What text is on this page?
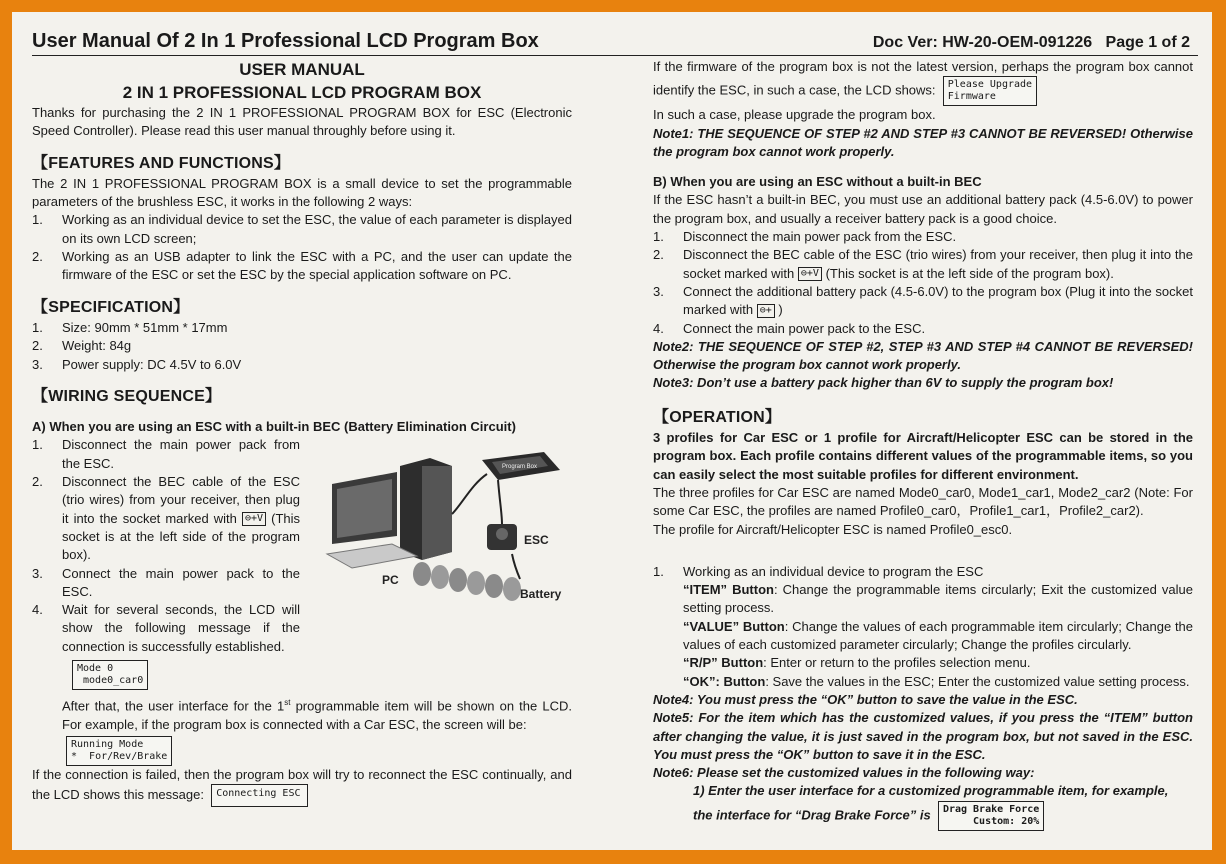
User Manual Of 2 In 1 Professional LCD Program Box	Doc Ver: HW-20-OEM-091226 Page 1 of 2
USER MANUAL
2 IN 1 PROFESSIONAL LCD PROGRAM BOX

Thanks for purchasing the 2 IN 1 PROFESSIONAL PROGRAM BOX for ESC (Electronic Speed Controller). Please read this user manual throughly before using it.

【FEATURES AND FUNCTIONS】

The 2 IN 1 PROFESSIONAL PROGRAM BOX is a small device to set the programmable parameters of the brushless ESC, it works in the following 2 ways:

1. Working as an individual device to set the ESC, the value of each parameter is displayed on its own LCD screen;
2. Working as an USB adapter to link the ESC with a PC, and the user can update the firmware of the ESC or set the ESC by the special application software on PC.
【SPECIFICATION】
1. Size: 90mm * 51mm * 17mm
2. Weight: 84g
3. Power supply: DC 4.5V to 6.0V
【WIRING SEQUENCE】

A) When you are using an ESC with a built-in BEC (Battery Elimination Circuit)

1. Disconnect the main power pack from the ESC.
2. Disconnect the BEC cable of the ESC (trio wires) from your receiver, then plug it into the socket marked with ⊖+V (This socket is at the left side of the program box).
3. Connect the main power pack to the ESC.
4. Wait for several seconds, the LCD will show the following message if the connection is successfully established.
PC
Program Box
ESC
Battery
Mode 0
mode0_car0

After that, the user interface for the 1st programmable item will be shown on the LCD. For example, if the program box is connected with a Car ESC, the screen will be:

Running Mode
*  For/Rev/Brake

If the connection is failed, then the program box will try to reconnect the ESC continually, and the LCD shows this message: Connecting ESC

If the firmware of the program box is not the latest version, perhaps the program box cannot identify the ESC, in such a case, the LCD shows: Please Upgrade
Firmware

In such a case, please upgrade the program box.

Note1: THE SEQUENCE OF STEP #2 AND STEP #3 CANNOT BE REVERSED! Otherwise the program box cannot work properly.

B) When you are using an ESC without a built-in BEC

If the ESC hasn’t a built-in BEC, you must use an additional battery pack (4.5-6.0V) to power the program box, and usually a receiver battery pack is a good choice.

1. Disconnect the main power pack from the ESC.
2. Disconnect the BEC cable of the ESC (trio wires) from your receiver, then plug it into the socket marked with ⊖+V (This socket is at the left side of the program box).
3. Connect the additional battery pack (4.5-6.0V) to the program box (Plug it into the socket marked with ⊖+ )
4. Connect the main power pack to the ESC.

Note2: THE SEQUENCE OF STEP #2, STEP #3 AND STEP #4 CANNOT BE REVERSED! Otherwise the program box cannot work properly.

Note3: Don’t use a battery pack higher than 6V to supply the program box!

【OPERATION】

3 profiles for Car ESC or 1 profile for Aircraft/Helicopter ESC can be stored in the program box. Each profile contains different values of the programmable items, so you can easily select the most suitable profiles for different environment.

The three profiles for Car ESC are named Mode0_car0, Mode1_car1, Mode2_car2 (Note: For some Car ESC, the profiles are named Profile0_car0，Profile1_car1，Profile2_car2).

The profile for Aircraft/Helicopter ESC is named Profile0_esc0.

1. Working as an individual device to program the ESC

“ITEM” Button: Change the programmable items circularly; Exit the customized value setting process.

“VALUE” Button: Change the values of each programmable item circularly; Change the values of each customized parameter circularly; Change the profiles circularly.

“R/P” Button: Enter or return to the profiles selection menu.

“OK”: Button: Save the values in the ESC; Enter the customized value setting process.

Note4: You must press the “OK” button to save the value in the ESC.

Note5: For the item which has the customized values, if you press the “ITEM” button after changing the value, it is just saved in the program box, but not saved in the ESC. You must press the “OK” button to save it in the ESC.

Note6: Please set the customized values in the following way:

1) Enter the user interface for a customized programmable item, for example,

the interface for “Drag Brake Force” is Drag Brake Force
Custom: 20%
